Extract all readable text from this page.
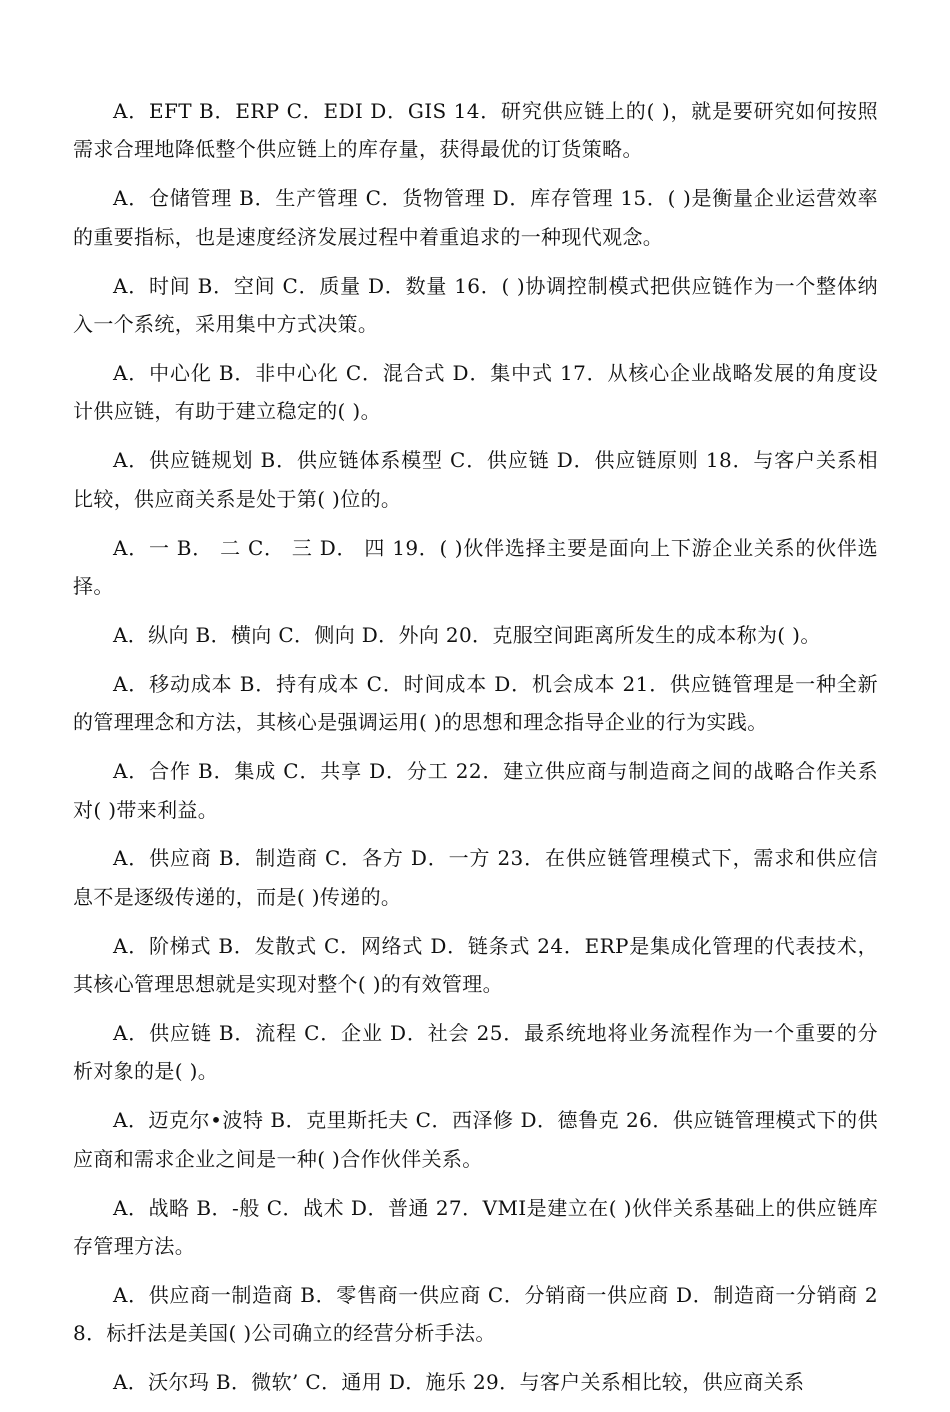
A．EFT B．ERP C．EDI D．GIS 14．研究供应链上的( )，就是要研究如何按照需求合理地降低整个供应链上的库存量，获得最优的订货策略。

A．仓储管理 B．生产管理 C．货物管理 D．库存管理 15．( )是衡量企业运营效率的重要指标，也是速度经济发展过程中着重追求的一种现代观念。

A．时间 B．空间 C．质量 D．数量 16．( )协调控制模式把供应链作为一个整体纳入一个系统，采用集中方式决策。

A．中心化 B．非中心化 C．混合式 D．集中式 17．从核心企业战略发展的角度设计供应链，有助于建立稳定的( )。

A．供应链规划 B．供应链体系模型 C．供应链 D．供应链原则 18．与客户关系相比较，供应商关系是处于第( )位的。

A．一 B． 二 C． 三 D． 四 19．( )伙伴选择主要是面向上下游企业关系的伙伴选择。

A．纵向 B．横向 C．侧向 D．外向 20．克服空间距离所发生的成本称为( )。

A．移动成本 B．持有成本 C．时间成本 D．机会成本 21．供应链管理是一种全新的管理理念和方法，其核心是强调运用( )的思想和理念指导企业的行为实践。

A．合作 B．集成 C．共享 D．分工 22．建立供应商与制造商之间的战略合作关系对( )带来利益。

A．供应商 B．制造商 C．各方 D．一方 23．在供应链管理模式下，需求和供应信息不是逐级传递的，而是( )传递的。

A．阶梯式 B．发散式 C．网络式 D．链条式 24．ERP是集成化管理的代表技术，其核心管理思想就是实现对整个( )的有效管理。

A．供应链 B．流程 C．企业 D．社会 25．最系统地将业务流程作为一个重要的分析对象的是( )。

A．迈克尔•波特 B．克里斯托夫 C．西泽修 D．德鲁克 26．供应链管理模式下的供应商和需求企业之间是一种( )合作伙伴关系。

A．战略 B．-般 C．战术 D．普通 27．VMI是建立在( )伙伴关系基础上的供应链库存管理方法。

A．供应商一制造商 B．零售商一供应商 C．分销商一供应商 D．制造商一分销商 28．标扦法是美国( )公司确立的经营分析手法。

A．沃尔玛 B．微软’ C．通用 D．施乐 29．与客户关系相比较，供应商关系
